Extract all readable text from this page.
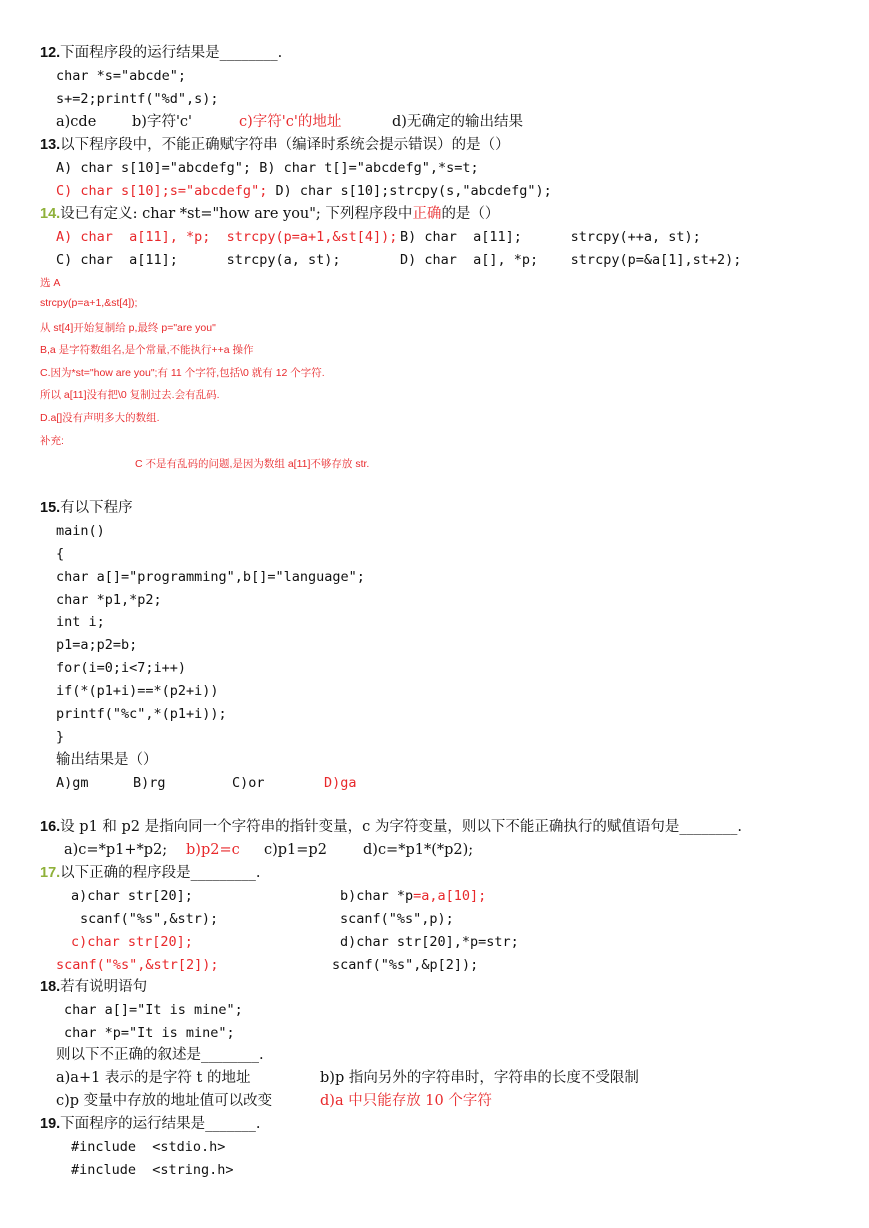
12.下面程序段的运行结果是________.
char *s="abcde";
s+=2;printf("%d",s);
a)cde b)字符'c'	c)字符'c'的地址	d)无确定的输出结果
13.以下程序段中，不能正确赋字符串（编译时系统会提示错误）的是（）
A) char s[10]="abcdefg"; B) char t[]="abcdefg",*s=t;
C) char s[10];s="abcdefg"; D) char s[10];strcpy(s,"abcdefg");
14.设已有定义: char *st="how are you"; 下列程序段中正确的是（）
A) char  a[11], *p;  strcpy(p=a+1,&st[4]); B) char  a[11];      strcpy(++a, st);
C) char  a[11];      strcpy(a, st);	D) char  a[], *p;    strcpy(p=&a[1],st+2);
选 A
strcpy(p=a+1,&st[4]);
从 st[4]开始复制给 p,最终 p="are you"
B,a 是字符数组名,是个常量,不能执行++a 操作
C.因为*st="how are you";有 11 个字符,包括\0 就有 12 个字符.
所以 a[11]没有把\0 复制过去.会有乱码.
D.a[]没有声明多大的数组.
补充:
C 不是有乱码的问题,是因为数组 a[11]不够存放 str.
15.有以下程序
main()
{
char a[]="programming",b[]="language";
char *p1,*p2;
int i;
p1=a;p2=b;
for(i=0;i<7;i++)
if(*(p1+i)==*(p2+i))
printf("%c",*(p1+i));
}
输出结果是（）
A)gm	B)rg	C)or	D)ga
16.设 p1 和 p2 是指向同一个字符串的指针变量，c 为字符变量，则以下不能正确执行的赋值语句是________.
a)c=*p1+*p2; b)p2=c c)p1=p2 d)c=*p1*(*p2);
17.以下正确的程序段是_________.
a)char str[20];	b)char *p=a,a[10];
scanf("%s",&str);	scanf("%s",p);
c)char str[20];	d)char str[20],*p=str;
scanf("%s",&str[2]);	scanf("%s",&p[2]);
18.若有说明语句
char a[]="It is mine";
char *p="It is mine";
则以下不正确的叙述是________.
a)a+1 表示的是字符 t 的地址	b)p 指向另外的字符串时，字符串的长度不受限制
c)p 变量中存放的地址值可以改变	d)a 中只能存放 10 个字符
19.下面程序的运行结果是_______.
#include  <stdio.h>
#include  <string.h>
